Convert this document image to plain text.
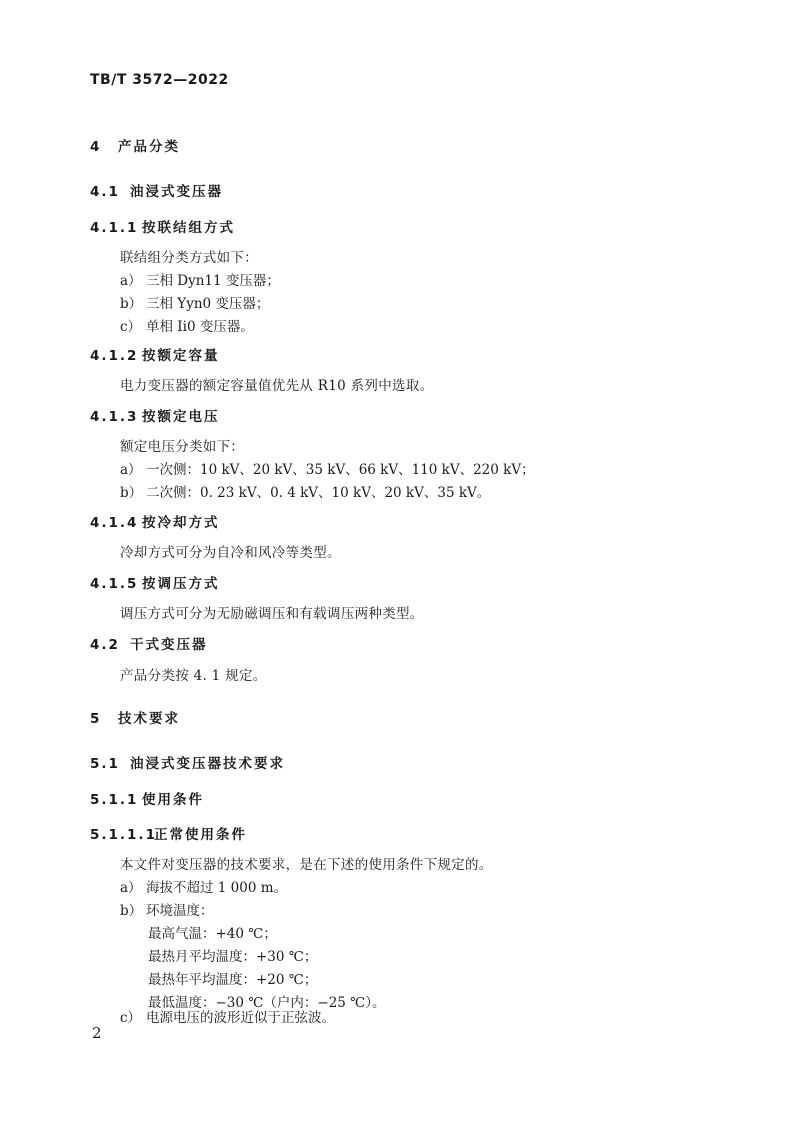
TB/T 3572—2022
4 产品分类
4.1 油浸式变压器
4.1.1 按联结组方式
联结组分类方式如下：
a） 三相 Dyn11 变压器；
b） 三相 Yyn0 变压器；
c） 单相 Ii0 变压器。
4.1.2 按额定容量
电力变压器的额定容量值优先从 R10 系列中选取。
4.1.3 按额定电压
额定电压分类如下：
a） 一次侧：10 kV、20 kV、35 kV、66 kV、110 kV、220 kV；
b） 二次侧：0. 23 kV、0. 4 kV、10 kV、20 kV、35 kV。
4.1.4 按冷却方式
冷却方式可分为自冷和风冷等类型。
4.1.5 按调压方式
调压方式可分为无励磁调压和有载调压两种类型。
4.2 干式变压器
产品分类按 4. 1 规定。
5 技术要求
5.1 油浸式变压器技术要求
5.1.1 使用条件
5.1.1.1正常使用条件
本文件对变压器的技术要求，是在下述的使用条件下规定的。
a） 海拔不超过 1 000 m。
b） 环境温度：
最高气温：+40 ℃；
最热月平均温度：+30 ℃；
最热年平均温度：+20 ℃；
最低温度：−30 ℃（户内：−25 ℃）。
c） 电源电压的波形近似于正弦波。
2
